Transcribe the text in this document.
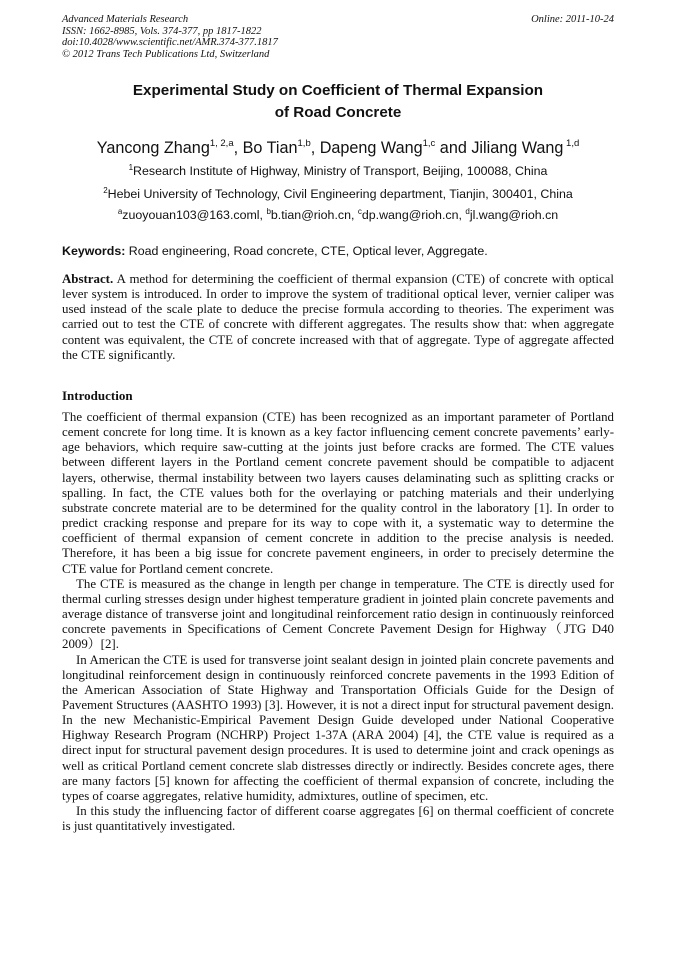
Advanced Materials Research	Online: 2011-10-24
ISSN: 1662-8985, Vols. 374-377, pp 1817-1822
doi:10.4028/www.scientific.net/AMR.374-377.1817
© 2012 Trans Tech Publications Ltd, Switzerland
Experimental Study on Coefficient of Thermal Expansion
of Road Concrete
Yancong Zhang$^{1, 2,a}$, Bo Tian$^{1,b}$, Dapeng Wang$^{1,c}$ and Jiliang Wang $^{1,d}$
$^1$Research Institute of Highway, Ministry of Transport, Beijing, 100088, China
$^2$Hebei University of Technology, Civil Engineering department, Tianjin, 300401, China
$^a$zuoyouan103@163.coml, $^b$b.tian@rioh.cn, $^c$dp.wang@rioh.cn, $^d$jl.wang@rioh.cn
Keywords: Road engineering, Road concrete, CTE, Optical lever, Aggregate.
Abstract. A method for determining the coefficient of thermal expansion (CTE) of concrete with optical lever system is introduced. In order to improve the system of traditional optical lever, vernier caliper was used instead of the scale plate to deduce the precise formula according to theories. The experiment was carried out to test the CTE of concrete with different aggregates. The results show that: when aggregate content was equivalent, the CTE of concrete increased with that of aggregate. Type of aggregate affected the CTE significantly.
Introduction

The coefficient of thermal expansion (CTE) has been recognized as an important parameter of Portland cement concrete for long time. It is known as a key factor influencing cement concrete pavements’ early-age behaviors, which require saw-cutting at the joints just before cracks are formed. The CTE values between different layers in the Portland cement concrete pavement should be compatible to adjacent layers, otherwise, thermal instability between two layers causes delaminating such as splitting cracks or spalling. In fact, the CTE values both for the overlaying or patching materials and their underlying substrate concrete material are to be determined for the quality control in the laboratory [1]. In order to predict cracking response and prepare for its way to cope with it, a systematic way to determine the coefficient of thermal expansion of cement concrete in addition to the precise analysis is needed. Therefore, it has been a big issue for concrete pavement engineers, in order to precisely determine the CTE value for Portland cement concrete.

The CTE is measured as the change in length per change in temperature. The CTE is directly used for thermal curling stresses design under highest temperature gradient in jointed plain concrete pavements and average distance of transverse joint and longitudinal reinforcement ratio design in continuously reinforced concrete pavements in Specifications of Cement Concrete Pavement Design for Highway（JTG D40 2009）[2].

In American the CTE is used for transverse joint sealant design in jointed plain concrete pavements and longitudinal reinforcement design in continuously reinforced concrete pavements in the 1993 Edition of the American Association of State Highway and Transportation Officials Guide for the Design of Pavement Structures (AASHTO 1993) [3]. However, it is not a direct input for structural pavement design. In the new Mechanistic-Empirical Pavement Design Guide developed under National Cooperative Highway Research Program (NCHRP) Project 1-37A (ARA 2004) [4], the CTE value is required as a direct input for structural pavement design procedures. It is used to determine joint and crack openings as well as critical Portland cement concrete slab distresses directly or indirectly. Besides concrete ages, there are many factors [5] known for affecting the coefficient of thermal expansion of concrete, including the types of coarse aggregates, relative humidity, admixtures, outline of specimen, etc.

In this study the influencing factor of different coarse aggregates [6] on thermal coefficient of concrete is just quantitatively investigated.
